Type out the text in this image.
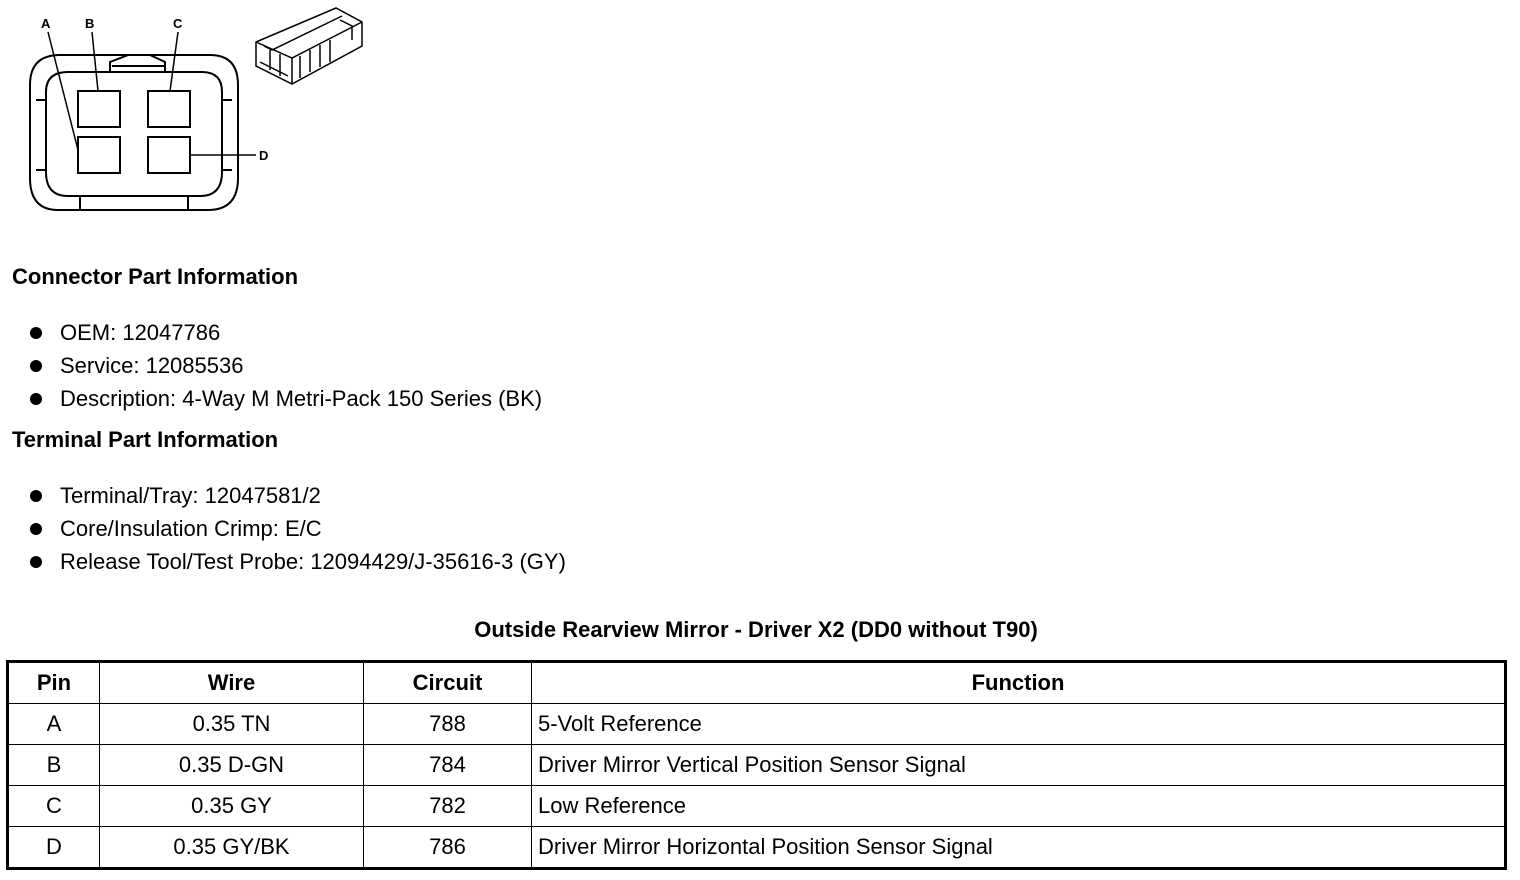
A	B	C
D
Connector Part Information
OEM: 12047786
Service: 12085536
Description: 4-Way M Metri-Pack 150 Series (BK)
Terminal Part Information
Terminal/Tray: 12047581/2
Core/Insulation Crimp: E/C
Release Tool/Test Probe: 12094429/J-35616-3 (GY)
Outside Rearview Mirror - Driver X2 (DD0 without T90)
Pin	Wire	Circuit	Function
A	0.35 TN	788	5-Volt Reference
B	0.35 D-GN	784	Driver Mirror Vertical Position Sensor Signal
C	0.35 GY	782	Low Reference
D	0.35 GY/BK	786	Driver Mirror Horizontal Position Sensor Signal
